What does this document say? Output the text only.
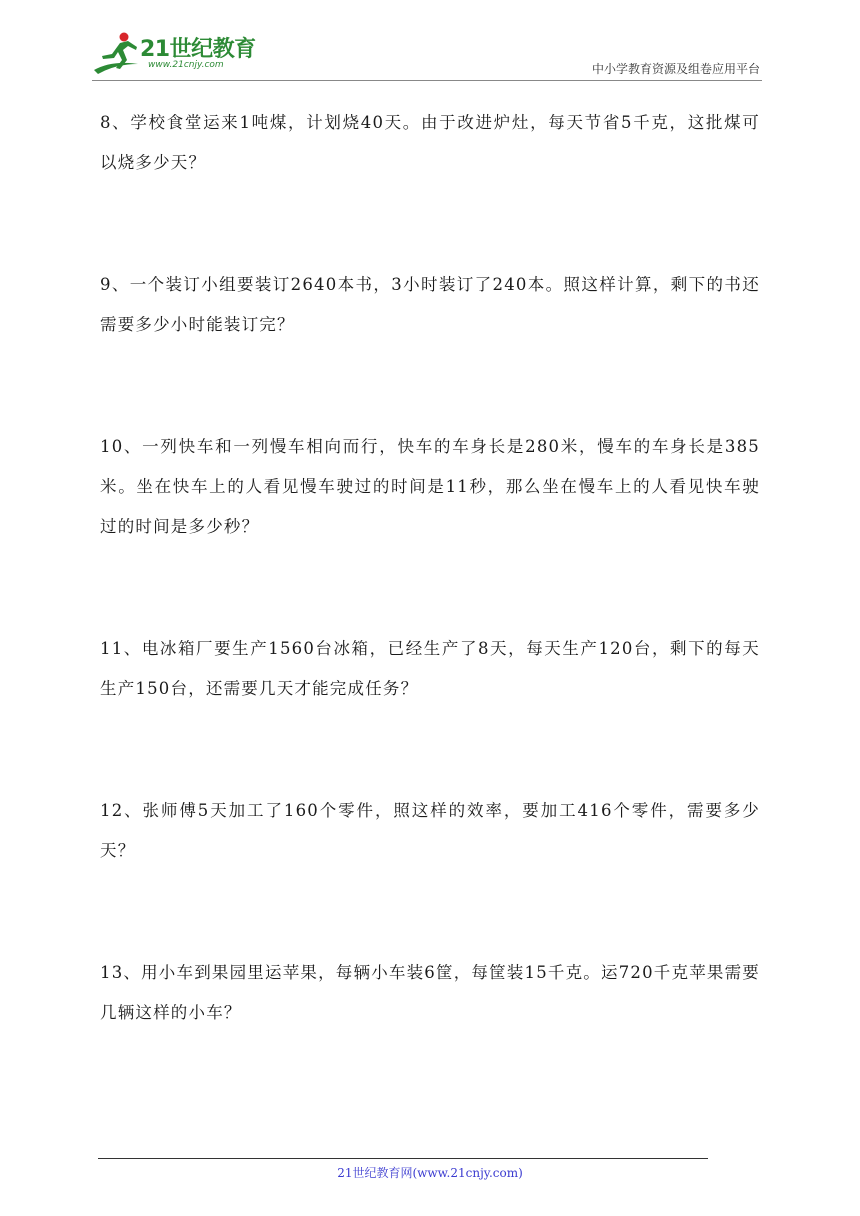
21世纪教育
www.21cnjy.com	中小学教育资源及组卷应用平台
8、学校食堂运来1吨煤，计划烧40天。由于改进炉灶，每天节省5千克，这批煤可以烧多少天？
9、一个装订小组要装订2640本书，3小时装订了240本。照这样计算，剩下的书还需要多少小时能装订完？
10、一列快车和一列慢车相向而行，快车的车身长是280米，慢车的车身长是385米。坐在快车上的人看见慢车驶过的时间是11秒，那么坐在慢车上的人看见快车驶过的时间是多少秒？
11、电冰箱厂要生产1560台冰箱，已经生产了8天，每天生产120台，剩下的每天生产150台，还需要几天才能完成任务？
12、张师傅5天加工了160个零件，照这样的效率，要加工416个零件，需要多少天？
13、用小车到果园里运苹果，每辆小车装6筐，每筐装15千克。运720千克苹果需要几辆这样的小车？
21世纪教育网(www.21cnjy.com)
